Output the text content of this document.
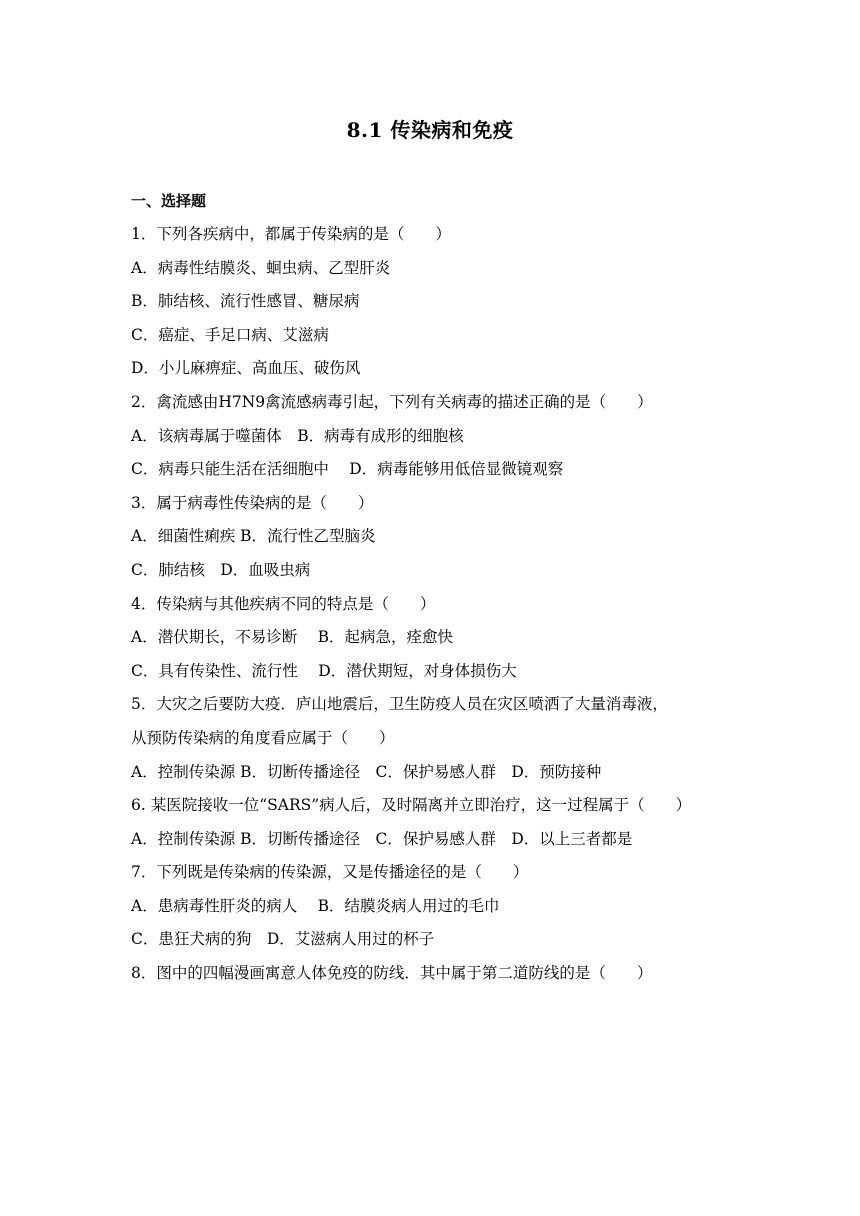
8.1 传染病和免疫
一、选择题
1．下列各疾病中，都属于传染病的是（　　）
A．病毒性结膜炎、蛔虫病、乙型肝炎
B．肺结核、流行性感冒、糖尿病
C．癌症、手足口病、艾滋病
D．小儿麻痹症、高血压、破伤风
2．禽流感由H7N9禽流感病毒引起，下列有关病毒的描述正确的是（　　）
A．该病毒属于噬菌体　B．病毒有成形的细胞核
C．病毒只能生活在活细胞中　 D．病毒能够用低倍显微镜观察
3．属于病毒性传染病的是（　　）
A．细菌性痢疾 B．流行性乙型脑炎
C．肺结核　D．血吸虫病
4．传染病与其他疾病不同的特点是（　　）
A．潜伏期长，不易诊断　 B．起病急，痊愈快
C．具有传染性、流行性　 D．潜伏期短，对身体损伤大
5．大灾之后要防大疫．庐山地震后，卫生防疫人员在灾区喷洒了大量消毒液，
从预防传染病的角度看应属于（　　）
A．控制传染源 B．切断传播途径　C．保护易感人群　D．预防接种
6. 某医院接收一位“SARS”病人后，及时隔离并立即治疗，这一过程属于（　　）
A．控制传染源 B．切断传播途径　C．保护易感人群　D．以上三者都是
7．下列既是传染病的传染源，又是传播途径的是（　　）
A．患病毒性肝炎的病人　 B．结膜炎病人用过的毛巾
C．患狂犬病的狗　D．艾滋病人用过的杯子
8．图中的四幅漫画寓意人体免疫的防线．其中属于第二道防线的是（　　）
